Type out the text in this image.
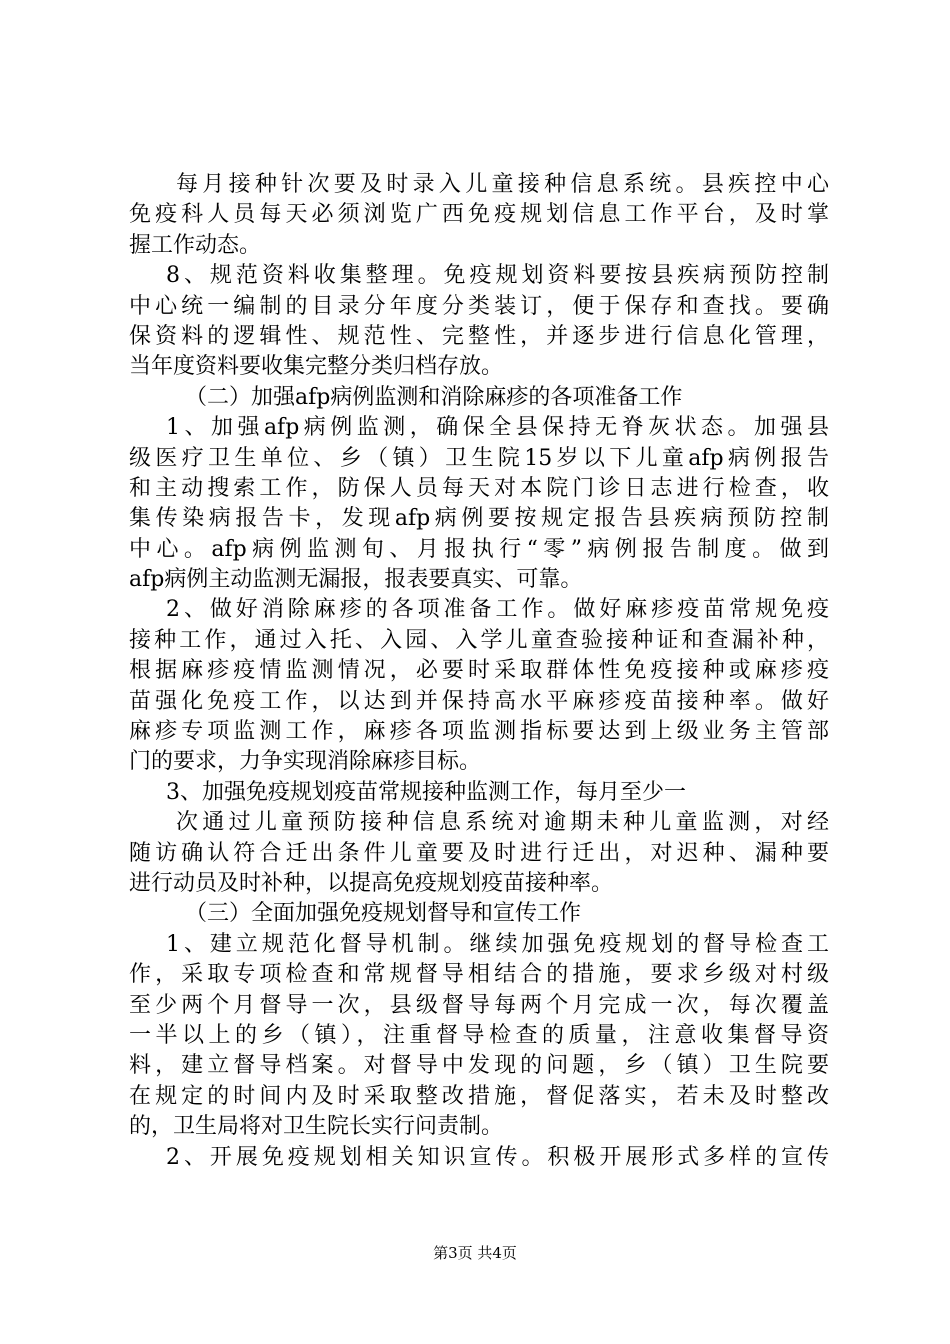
每月接种针次要及时录入儿童接种信息系统。县疾控中心
免疫科人员每天必须浏览广西免疫规划信息工作平台，及时掌
握工作动态。
8、规范资料收集整理。免疫规划资料要按县疾病预防控制
中心统一编制的目录分年度分类装订，便于保存和查找。要确
保资料的逻辑性、规范性、完整性，并逐步进行信息化管理，
当年度资料要收集完整分类归档存放。
（二）加强afp病例监测和消除麻疹的各项准备工作
1、加强afp病例监测，确保全县保持无脊灰状态。加强县
级医疗卫生单位、乡（镇）卫生院15岁以下儿童afp病例报告
和主动搜索工作，防保人员每天对本院门诊日志进行检查，收
集传染病报告卡，发现afp病例要按规定报告县疾病预防控制
中心。afp病例监测旬、月报执行“零”病例报告制度。做到
afp病例主动监测无漏报，报表要真实、可靠。
2、做好消除麻疹的各项准备工作。做好麻疹疫苗常规免疫
接种工作，通过入托、入园、入学儿童查验接种证和查漏补种，
根据麻疹疫情监测情况，必要时采取群体性免疫接种或麻疹疫
苗强化免疫工作，以达到并保持高水平麻疹疫苗接种率。做好
麻疹专项监测工作，麻疹各项监测指标要达到上级业务主管部
门的要求，力争实现消除麻疹目标。
3、加强免疫规划疫苗常规接种监测工作，每月至少一
次通过儿童预防接种信息系统对逾期未种儿童监测，对经
随访确认符合迁出条件儿童要及时进行迁出，对迟种、漏种要
进行动员及时补种，以提高免疫规划疫苗接种率。
（三）全面加强免疫规划督导和宣传工作
1、建立规范化督导机制。继续加强免疫规划的督导检查工
作，采取专项检查和常规督导相结合的措施，要求乡级对村级
至少两个月督导一次，县级督导每两个月完成一次，每次覆盖
一半以上的乡（镇），注重督导检查的质量，注意收集督导资
料，建立督导档案。对督导中发现的问题，乡（镇）卫生院要
在规定的时间内及时采取整改措施，督促落实，若未及时整改
的，卫生局将对卫生院长实行问责制。
2、开展免疫规划相关知识宣传。积极开展形式多样的宣传
第3页 共4页
